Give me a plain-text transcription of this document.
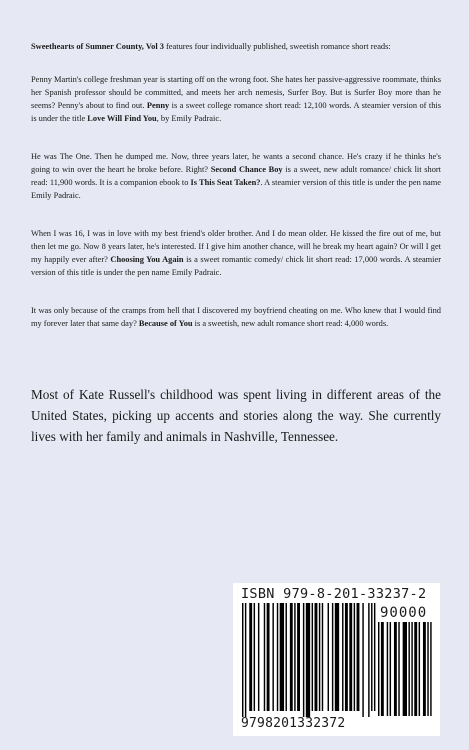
Sweethearts of Sumner County, Vol 3 features four individually published, sweetish romance short reads:

Penny Martin's college freshman year is starting off on the wrong foot. She hates her passive-aggressive roommate, thinks her Spanish professor should be committed, and meets her arch nemesis, Surfer Boy. But is Surfer Boy more than he seems? Penny's about to find out. Penny is a sweet college romance short read: 12,100 words. A steamier version of this is under the title Love Will Find You, by Emily Padraic.

He was The One. Then he dumped me. Now, three years later, he wants a second chance. He's crazy if he thinks he's going to win over the heart he broke before. Right? Second Chance Boy is a sweet, new adult romance/ chick lit short read: 11,900 words. It is a companion ebook to Is This Seat Taken?. A steamier version of this title is under the pen name Emily Padraic.

When I was 16, I was in love with my best friend's older brother. And I do mean older. He kissed the fire out of me, but then let me go. Now 8 years later, he's interested. If I give him another chance, will he break my heart again? Or will I get my happily ever after? Choosing You Again is a sweet romantic comedy/ chick lit short read: 17,000 words. A steamier version of this title is under the pen name Emily Padraic.

It was only because of the cramps from hell that I discovered my boyfriend cheating on me. Who knew that I would find my forever later that same day? Because of You is a sweetish, new adult romance short read: 4,000 words.

Most of Kate Russell's childhood was spent living in different areas of the United States, picking up accents and stories along the way. She currently lives with her family and animals in Nashville, Tennessee.

ISBN 979-8-201-33237-2
90000
9798201332372
